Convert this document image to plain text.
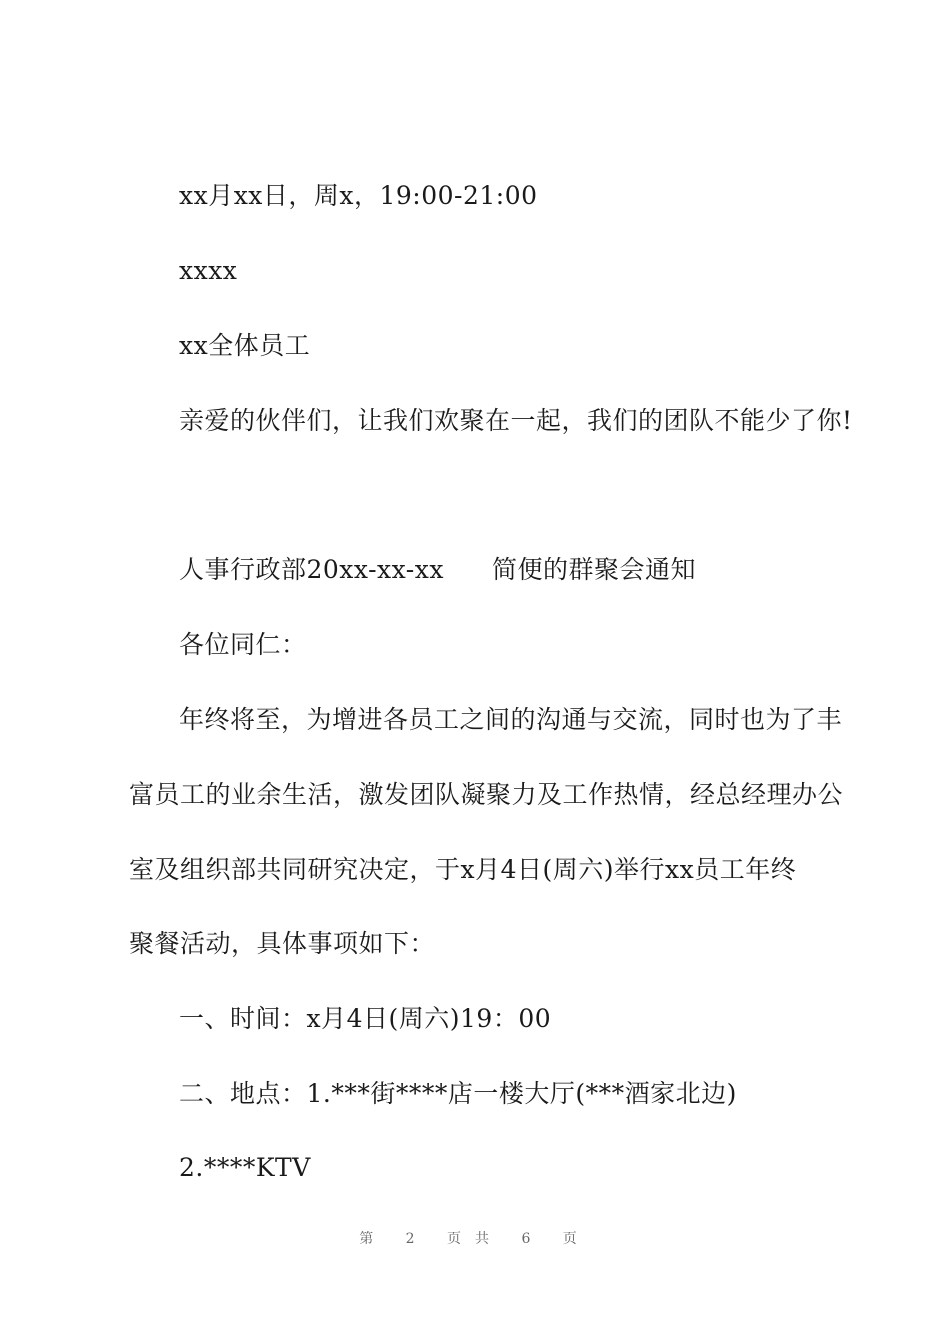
xx月xx日，周x，19:00-21:00
xxxx
xx全体员工
亲爱的伙伴们，让我们欢聚在一起，我们的团队不能少了你!
人事行政部20xx-xx-xx 简便的群聚会通知
各位同仁：
年终将至，为增进各员工之间的沟通与交流，同时也为了丰
富员工的业余生活，激发团队凝聚力及工作热情，经总经理办公
室及组织部共同研究决定，于x月4日(周六)举行xx员工年终
聚餐活动，具体事项如下：
一、时间：x月4日(周六)19：00
二、地点：1.***街****店一楼大厅(***酒家北边)
2.****KTV
第 2 页共 6 页
